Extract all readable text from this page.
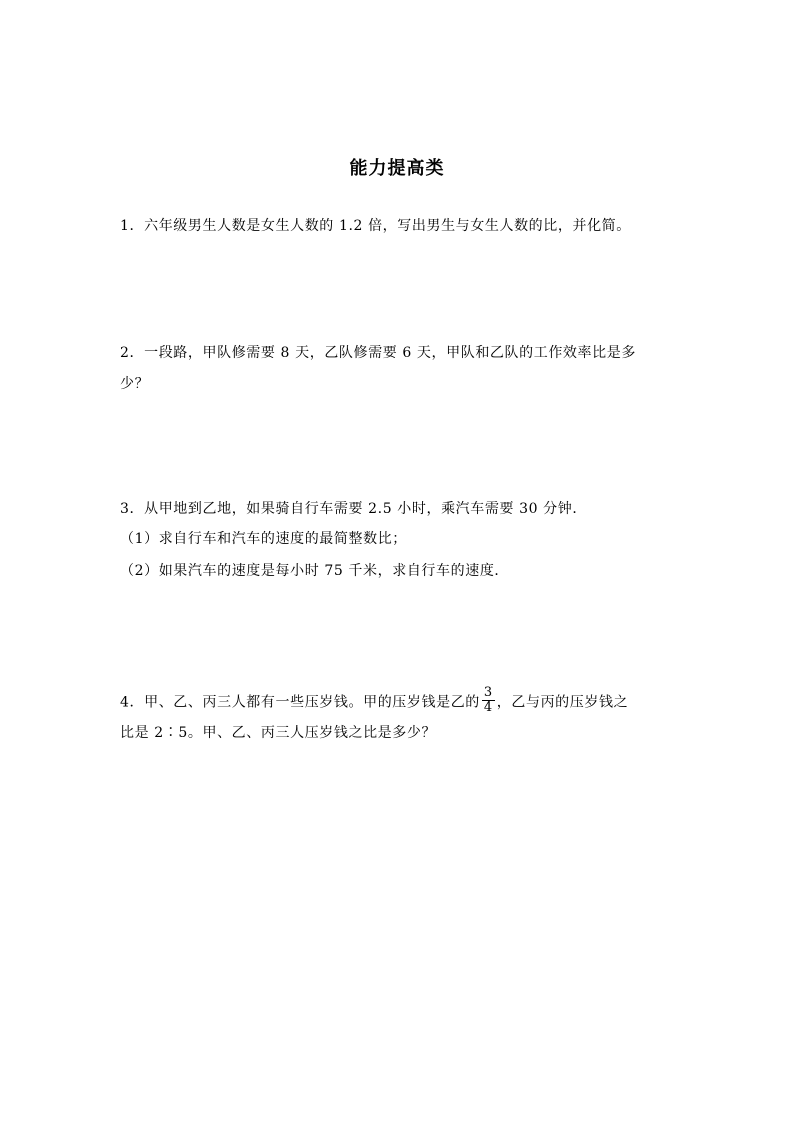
能力提高类
1．六年级男生人数是女生人数的 1.2 倍，写出男生与女生人数的比，并化简。
2．一段路，甲队修需要 8 天，乙队修需要 6 天，甲队和乙队的工作效率比是多
少？
3．从甲地到乙地，如果骑自行车需要 2.5 小时，乘汽车需要 30 分钟．
（1）求自行车和汽车的速度的最简整数比；
（2）如果汽车的速度是每小时 75 千米，求自行车的速度．
4．甲、乙、丙三人都有一些压岁钱。甲的压岁钱是乙的 $\frac{3}{4}$ ，乙与丙的压岁钱之
比是 2∶5。甲、乙、丙三人压岁钱之比是多少？
